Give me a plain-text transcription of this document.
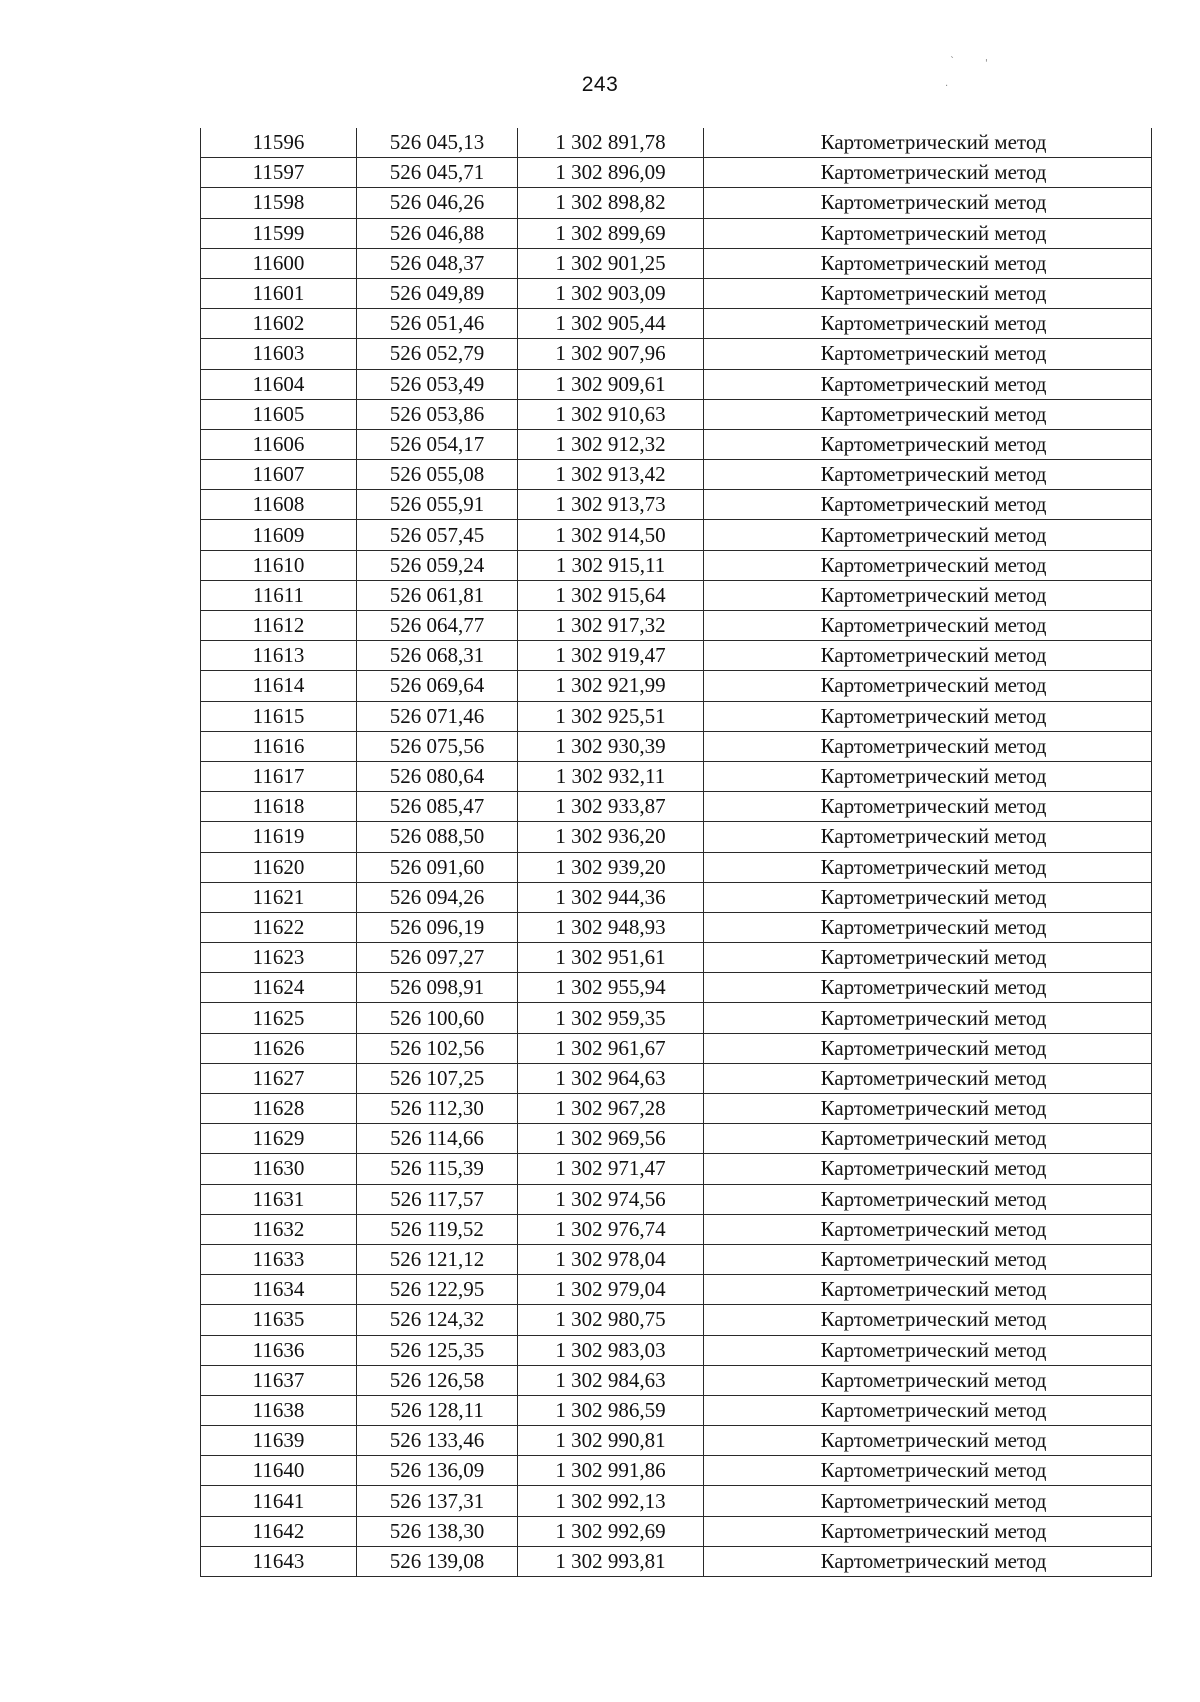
243
`	'
.
11596	526 045,13	1 302 891,78	Картометрический метод
11597	526 045,71	1 302 896,09	Картометрический метод
11598	526 046,26	1 302 898,82	Картометрический метод
11599	526 046,88	1 302 899,69	Картометрический метод
11600	526 048,37	1 302 901,25	Картометрический метод
11601	526 049,89	1 302 903,09	Картометрический метод
11602	526 051,46	1 302 905,44	Картометрический метод
11603	526 052,79	1 302 907,96	Картометрический метод
11604	526 053,49	1 302 909,61	Картометрический метод
11605	526 053,86	1 302 910,63	Картометрический метод
11606	526 054,17	1 302 912,32	Картометрический метод
11607	526 055,08	1 302 913,42	Картометрический метод
11608	526 055,91	1 302 913,73	Картометрический метод
11609	526 057,45	1 302 914,50	Картометрический метод
11610	526 059,24	1 302 915,11	Картометрический метод
11611	526 061,81	1 302 915,64	Картометрический метод
11612	526 064,77	1 302 917,32	Картометрический метод
11613	526 068,31	1 302 919,47	Картометрический метод
11614	526 069,64	1 302 921,99	Картометрический метод
11615	526 071,46	1 302 925,51	Картометрический метод
11616	526 075,56	1 302 930,39	Картометрический метод
11617	526 080,64	1 302 932,11	Картометрический метод
11618	526 085,47	1 302 933,87	Картометрический метод
11619	526 088,50	1 302 936,20	Картометрический метод
11620	526 091,60	1 302 939,20	Картометрический метод
11621	526 094,26	1 302 944,36	Картометрический метод
11622	526 096,19	1 302 948,93	Картометрический метод
11623	526 097,27	1 302 951,61	Картометрический метод
11624	526 098,91	1 302 955,94	Картометрический метод
11625	526 100,60	1 302 959,35	Картометрический метод
11626	526 102,56	1 302 961,67	Картометрический метод
11627	526 107,25	1 302 964,63	Картометрический метод
11628	526 112,30	1 302 967,28	Картометрический метод
11629	526 114,66	1 302 969,56	Картометрический метод
11630	526 115,39	1 302 971,47	Картометрический метод
11631	526 117,57	1 302 974,56	Картометрический метод
11632	526 119,52	1 302 976,74	Картометрический метод
11633	526 121,12	1 302 978,04	Картометрический метод
11634	526 122,95	1 302 979,04	Картометрический метод
11635	526 124,32	1 302 980,75	Картометрический метод
11636	526 125,35	1 302 983,03	Картометрический метод
11637	526 126,58	1 302 984,63	Картометрический метод
11638	526 128,11	1 302 986,59	Картометрический метод
11639	526 133,46	1 302 990,81	Картометрический метод
11640	526 136,09	1 302 991,86	Картометрический метод
11641	526 137,31	1 302 992,13	Картометрический метод
11642	526 138,30	1 302 992,69	Картометрический метод
11643	526 139,08	1 302 993,81	Картометрический метод
